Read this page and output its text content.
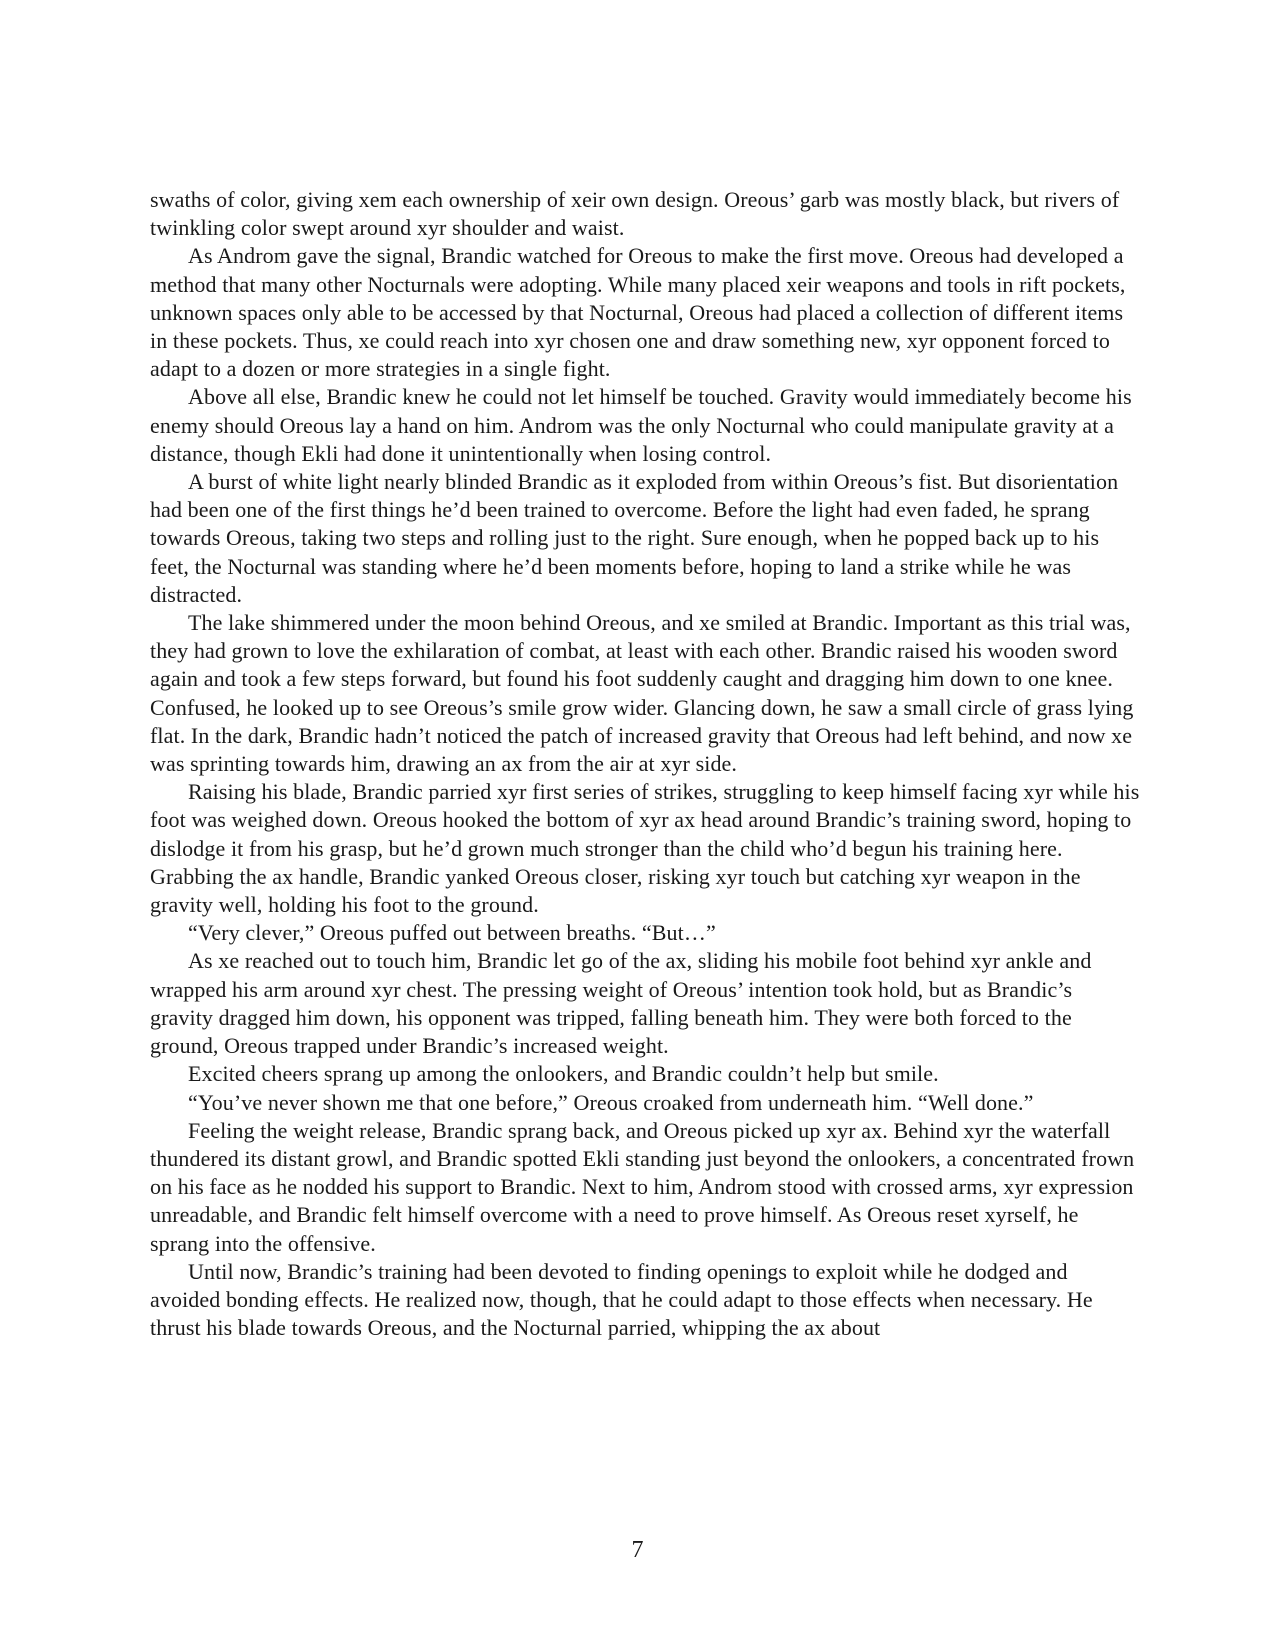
swaths of color, giving xem each ownership of xeir own design. Oreous’ garb was mostly black, but rivers of twinkling color swept around xyr shoulder and waist.

As Androm gave the signal, Brandic watched for Oreous to make the first move. Oreous had developed a method that many other Nocturnals were adopting. While many placed xeir weapons and tools in rift pockets, unknown spaces only able to be accessed by that Nocturnal, Oreous had placed a collection of different items in these pockets. Thus, xe could reach into xyr chosen one and draw something new, xyr opponent forced to adapt to a dozen or more strategies in a single fight.

Above all else, Brandic knew he could not let himself be touched. Gravity would immediately become his enemy should Oreous lay a hand on him. Androm was the only Nocturnal who could manipulate gravity at a distance, though Ekli had done it unintentionally when losing control.

A burst of white light nearly blinded Brandic as it exploded from within Oreous’s fist. But disorientation had been one of the first things he’d been trained to overcome. Before the light had even faded, he sprang towards Oreous, taking two steps and rolling just to the right. Sure enough, when he popped back up to his feet, the Nocturnal was standing where he’d been moments before, hoping to land a strike while he was distracted.

The lake shimmered under the moon behind Oreous, and xe smiled at Brandic. Important as this trial was, they had grown to love the exhilaration of combat, at least with each other. Brandic raised his wooden sword again and took a few steps forward, but found his foot suddenly caught and dragging him down to one knee. Confused, he looked up to see Oreous’s smile grow wider. Glancing down, he saw a small circle of grass lying flat. In the dark, Brandic hadn’t noticed the patch of increased gravity that Oreous had left behind, and now xe was sprinting towards him, drawing an ax from the air at xyr side.

Raising his blade, Brandic parried xyr first series of strikes, struggling to keep himself facing xyr while his foot was weighed down. Oreous hooked the bottom of xyr ax head around Brandic’s training sword, hoping to dislodge it from his grasp, but he’d grown much stronger than the child who’d begun his training here. Grabbing the ax handle, Brandic yanked Oreous closer, risking xyr touch but catching xyr weapon in the gravity well, holding his foot to the ground.

“Very clever,” Oreous puffed out between breaths. “But…”

As xe reached out to touch him, Brandic let go of the ax, sliding his mobile foot behind xyr ankle and wrapped his arm around xyr chest. The pressing weight of Oreous’ intention took hold, but as Brandic’s gravity dragged him down, his opponent was tripped, falling beneath him. They were both forced to the ground, Oreous trapped under Brandic’s increased weight.

Excited cheers sprang up among the onlookers, and Brandic couldn’t help but smile.

“You’ve never shown me that one before,” Oreous croaked from underneath him. “Well done.”

Feeling the weight release, Brandic sprang back, and Oreous picked up xyr ax. Behind xyr the waterfall thundered its distant growl, and Brandic spotted Ekli standing just beyond the onlookers, a concentrated frown on his face as he nodded his support to Brandic. Next to him, Androm stood with crossed arms, xyr expression unreadable, and Brandic felt himself overcome with a need to prove himself. As Oreous reset xyrself, he sprang into the offensive.

Until now, Brandic’s training had been devoted to finding openings to exploit while he dodged and avoided bonding effects. He realized now, though, that he could adapt to those effects when necessary. He thrust his blade towards Oreous, and the Nocturnal parried, whipping the ax about

7
